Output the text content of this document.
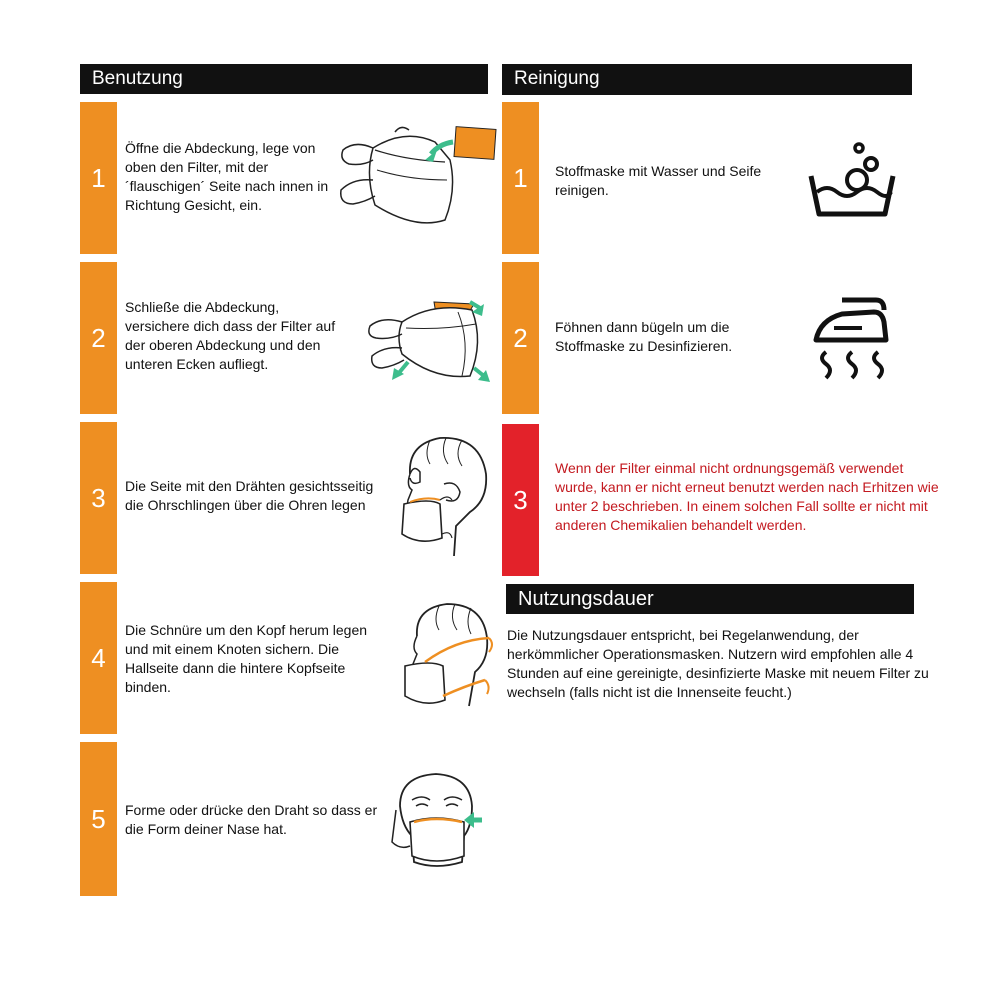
Benutzung
1
Öffne die Abdeckung, lege von oben den Filter, mit der ´flauschigen´ Seite nach innen in Richtung Gesicht, ein.
2
Schließe die Abdeckung, versichere dich dass der Filter auf der oberen Abdeckung und den unteren Ecken aufliegt.
3	Die Seite mit den Drähten gesichtsseitig die Ohrschlingen über die Ohren legen
4
Die Schnüre um den Kopf herum legen und mit einem Knoten sichern. Die Hallseite dann die hintere Kopfseite binden.
5	Forme oder drücke den Draht so dass er die Form deiner Nase hat.
Reinigung
1	Stoffmaske mit Wasser und Seife reinigen.
2	Föhnen dann bügeln um die Stoffmaske zu Desinfizieren.
3
Wenn der Filter einmal nicht ordnungsgemäß verwendet wurde, kann er nicht erneut benutzt werden nach Erhitzen wie unter 2 beschrieben. In einem solchen Fall sollte er nicht mit anderen Chemikalien behandelt werden.
Nutzungsdauer
Die Nutzungsdauer entspricht, bei Regelanwendung, der herkömmlicher Operationsmasken. Nutzern wird empfohlen alle 4 Stunden auf eine gereinigte, desinfizierte Maske mit neuem Filter zu wechseln (falls nicht ist die Innenseite feucht.)
